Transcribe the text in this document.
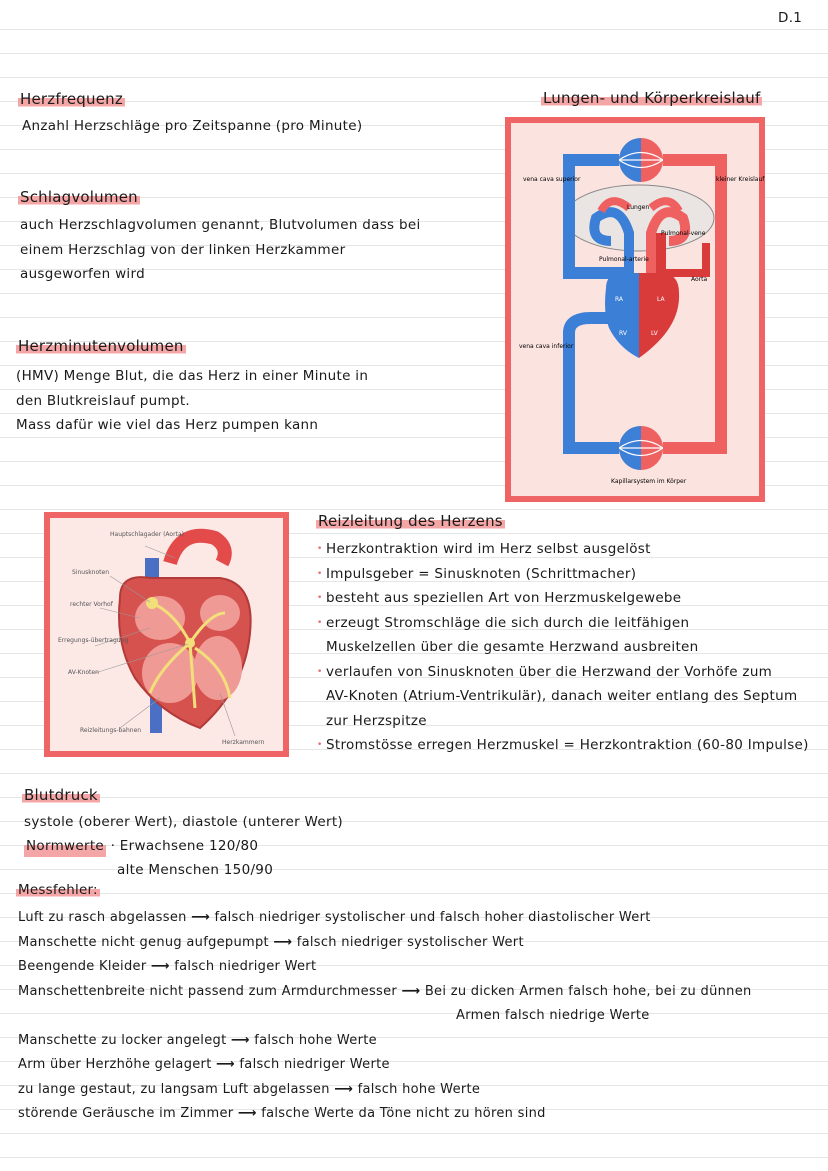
D.1
Herzfrequenz
Anzahl Herzschläge pro Zeitspanne (pro Minute)
Schlagvolumen
auch Herzschlagvolumen genannt, Blutvolumen dass bei
einem Herzschlag von der linken Herzkammer
ausgeworfen wird
Herzminutenvolumen
(HMV) Menge Blut, die das Herz in einer Minute in
den Blutkreislauf pumpt.
Mass dafür wie viel das Herz pumpen kann
Lungen- und Körperkreislauf
vena cava superior	kleiner Kreislauf
Lungen
Pulmonal-vene
Pulmonal-arterie
Aorta
vena cava inferior
Kapillarsystem im Körper
RA
RV
LA
LV
Hauptschlagader (Aorta)
Sinusknoten
rechter Vorhof
Erregungs-übertragung
AV-Knoten
Reizleitungs-bahnen
Herzkammern
Reizleitung des Herzens
• Herzkontraktion wird im Herz selbst ausgelöst
• Impulsgeber = Sinusknoten (Schrittmacher)
• besteht aus speziellen Art von Herzmuskelgewebe
• erzeugt Stromschläge die sich durch die leitfähigen
Muskelzellen über die gesamte Herzwand ausbreiten
• verlaufen von Sinusknoten über die Herzwand der Vorhöfe zum
AV-Knoten (Atrium-Ventrikulär), danach weiter entlang des Septum
zur Herzspitze
• Stromstösse erregen Herzmuskel = Herzkontraktion (60-80 Impulse)
Blutdruck
systole (oberer Wert), diastole (unterer Wert)
Normwerte · Erwachsene 120/80
alte Menschen 150/90
Messfehler:
Luft zu rasch abgelassen ⟶ falsch niedriger systolischer und falsch hoher diastolischer Wert
Manschette nicht genug aufgepumpt ⟶ falsch niedriger systolischer Wert
Beengende Kleider ⟶ falsch niedriger Wert
Manschettenbreite nicht passend zum Armdurchmesser ⟶ Bei zu dicken Armen falsch hohe, bei zu dünnen
Armen falsch niedrige Werte
Manschette zu locker angelegt ⟶ falsch hohe Werte
Arm über Herzhöhe gelagert ⟶ falsch niedriger Werte
zu lange gestaut, zu langsam Luft abgelassen ⟶ falsch hohe Werte
störende Geräusche im Zimmer ⟶ falsche Werte da Töne nicht zu hören sind
